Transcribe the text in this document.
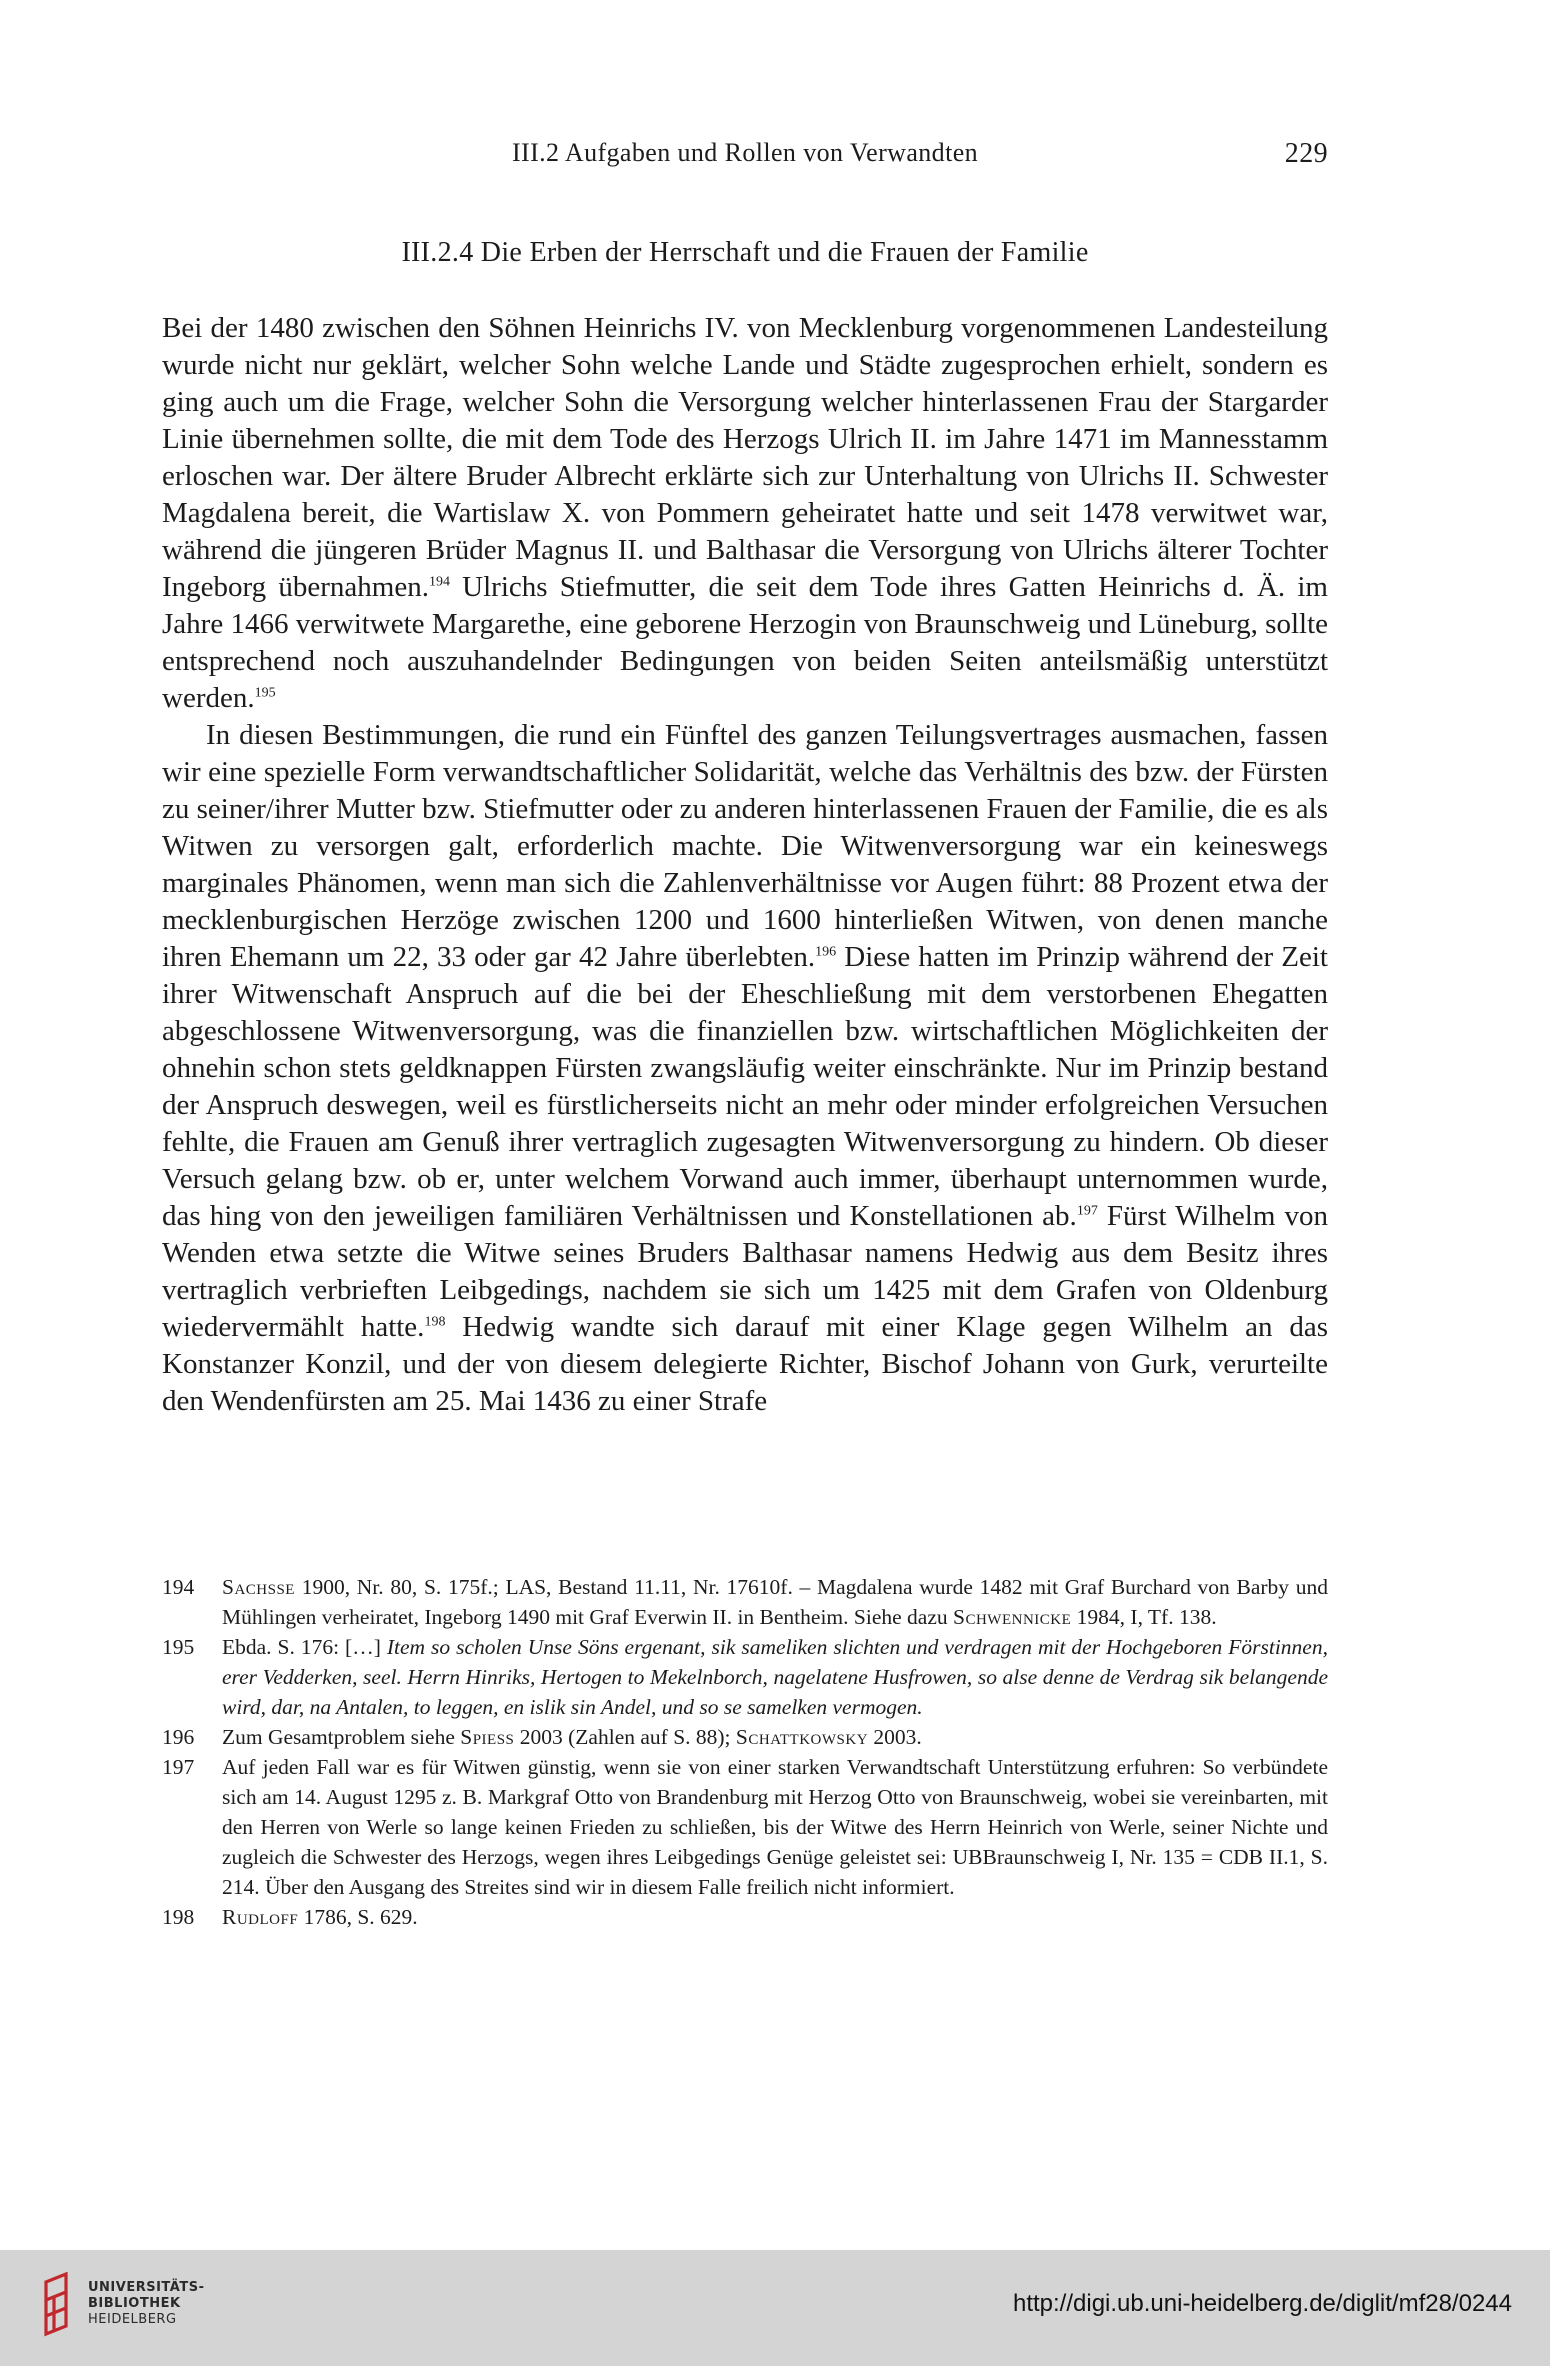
III.2 Aufgaben und Rollen von Verwandten	229
III.2.4 Die Erben der Herrschaft und die Frauen der Familie

Bei der 1480 zwischen den Söhnen Heinrichs IV. von Mecklenburg vorgenommenen Landesteilung wurde nicht nur geklärt, welcher Sohn welche Lande und Städte zugesprochen erhielt, sondern es ging auch um die Frage, welcher Sohn die Versorgung welcher hinterlassenen Frau der Stargarder Linie übernehmen sollte, die mit dem Tode des Herzogs Ulrich II. im Jahre 1471 im Mannesstamm erloschen war. Der ältere Bruder Albrecht erklärte sich zur Unterhaltung von Ulrichs II. Schwester Magdalena bereit, die Wartislaw X. von Pommern geheiratet hatte und seit 1478 verwitwet war, während die jüngeren Brüder Magnus II. und Balthasar die Versorgung von Ulrichs älterer Tochter Ingeborg übernahmen.$^{194}$ Ulrichs Stiefmutter, die seit dem Tode ihres Gatten Heinrichs d. Ä. im Jahre 1466 verwitwete Margarethe, eine geborene Herzogin von Braunschweig und Lüneburg, sollte entsprechend noch auszuhandelnder Bedingungen von beiden Seiten anteilsmäßig unterstützt werden.$^{195}$

In diesen Bestimmungen, die rund ein Fünftel des ganzen Teilungsvertrages ausmachen, fassen wir eine spezielle Form verwandtschaftlicher Solidarität, welche das Verhältnis des bzw. der Fürsten zu seiner/ihrer Mutter bzw. Stiefmutter oder zu anderen hinterlassenen Frauen der Familie, die es als Witwen zu versorgen galt, erforderlich machte. Die Witwenversorgung war ein keineswegs marginales Phänomen, wenn man sich die Zahlenverhältnisse vor Augen führt: 88 Prozent etwa der mecklenburgischen Herzöge zwischen 1200 und 1600 hinterließen Witwen, von denen manche ihren Ehemann um 22, 33 oder gar 42 Jahre überlebten.$^{196}$ Diese hatten im Prinzip während der Zeit ihrer Witwenschaft Anspruch auf die bei der Eheschließung mit dem verstorbenen Ehegatten abgeschlossene Witwenversorgung, was die finanziellen bzw. wirtschaftlichen Möglichkeiten der ohnehin schon stets geldknappen Fürsten zwangsläufig weiter einschränkte. Nur im Prinzip bestand der Anspruch deswegen, weil es fürstlicherseits nicht an mehr oder minder erfolgreichen Versuchen fehlte, die Frauen am Genuß ihrer vertraglich zugesagten Witwenversorgung zu hindern. Ob dieser Versuch gelang bzw. ob er, unter welchem Vorwand auch immer, überhaupt unternommen wurde, das hing von den jeweiligen familiären Verhältnissen und Konstellationen ab.$^{197}$ Fürst Wilhelm von Wenden etwa setzte die Witwe seines Bruders Balthasar namens Hedwig aus dem Besitz ihres vertraglich verbrieften Leibgedings, nachdem sie sich um 1425 mit dem Grafen von Oldenburg wiedervermählt hatte.$^{198}$ Hedwig wandte sich darauf mit einer Klage gegen Wilhelm an das Konstanzer Konzil, und der von diesem delegierte Richter, Bischof Johann von Gurk, verurteilte den Wendenfürsten am 25. Mai 1436 zu einer Strafe

194	Sachsse 1900, Nr. 80, S. 175f.; LAS, Bestand 11.11, Nr. 17610f. – Magdalena wurde 1482 mit Graf Burchard von Barby und Mühlingen verheiratet, Ingeborg 1490 mit Graf Everwin II. in Bentheim. Siehe dazu Schwennicke 1984, I, Tf. 138.
195	Ebda. S. 176: […] Item so scholen Unse Söns ergenant, sik sameliken slichten und verdragen mit der Hochgeboren Förstinnen, erer Vedderken, seel. Herrn Hinriks, Hertogen to Mekelnborch, nagelatene Husfrowen, so alse denne de Verdrag sik belangende wird, dar, na Antalen, to leggen, en islik sin Andel, und so se samelken vermogen.
196	Zum Gesamtproblem siehe Spiess 2003 (Zahlen auf S. 88); Schattkowsky 2003.
197	Auf jeden Fall war es für Witwen günstig, wenn sie von einer starken Verwandtschaft Unterstützung erfuhren: So verbündete sich am 14. August 1295 z. B. Markgraf Otto von Brandenburg mit Herzog Otto von Braunschweig, wobei sie vereinbarten, mit den Herren von Werle so lange keinen Frieden zu schließen, bis der Witwe des Herrn Heinrich von Werle, seiner Nichte und zugleich die Schwester des Herzogs, wegen ihres Leibgedings Genüge geleistet sei: UBBraunschweig I, Nr. 135 = CDB II.1, S. 214. Über den Ausgang des Streites sind wir in diesem Falle freilich nicht informiert.
198	Rudloff 1786, S. 629.
UNIVERSITÄTS-
BIBLIOTHEK
HEIDELBERG
http://digi.ub.uni-heidelberg.de/diglit/mf28/0244
